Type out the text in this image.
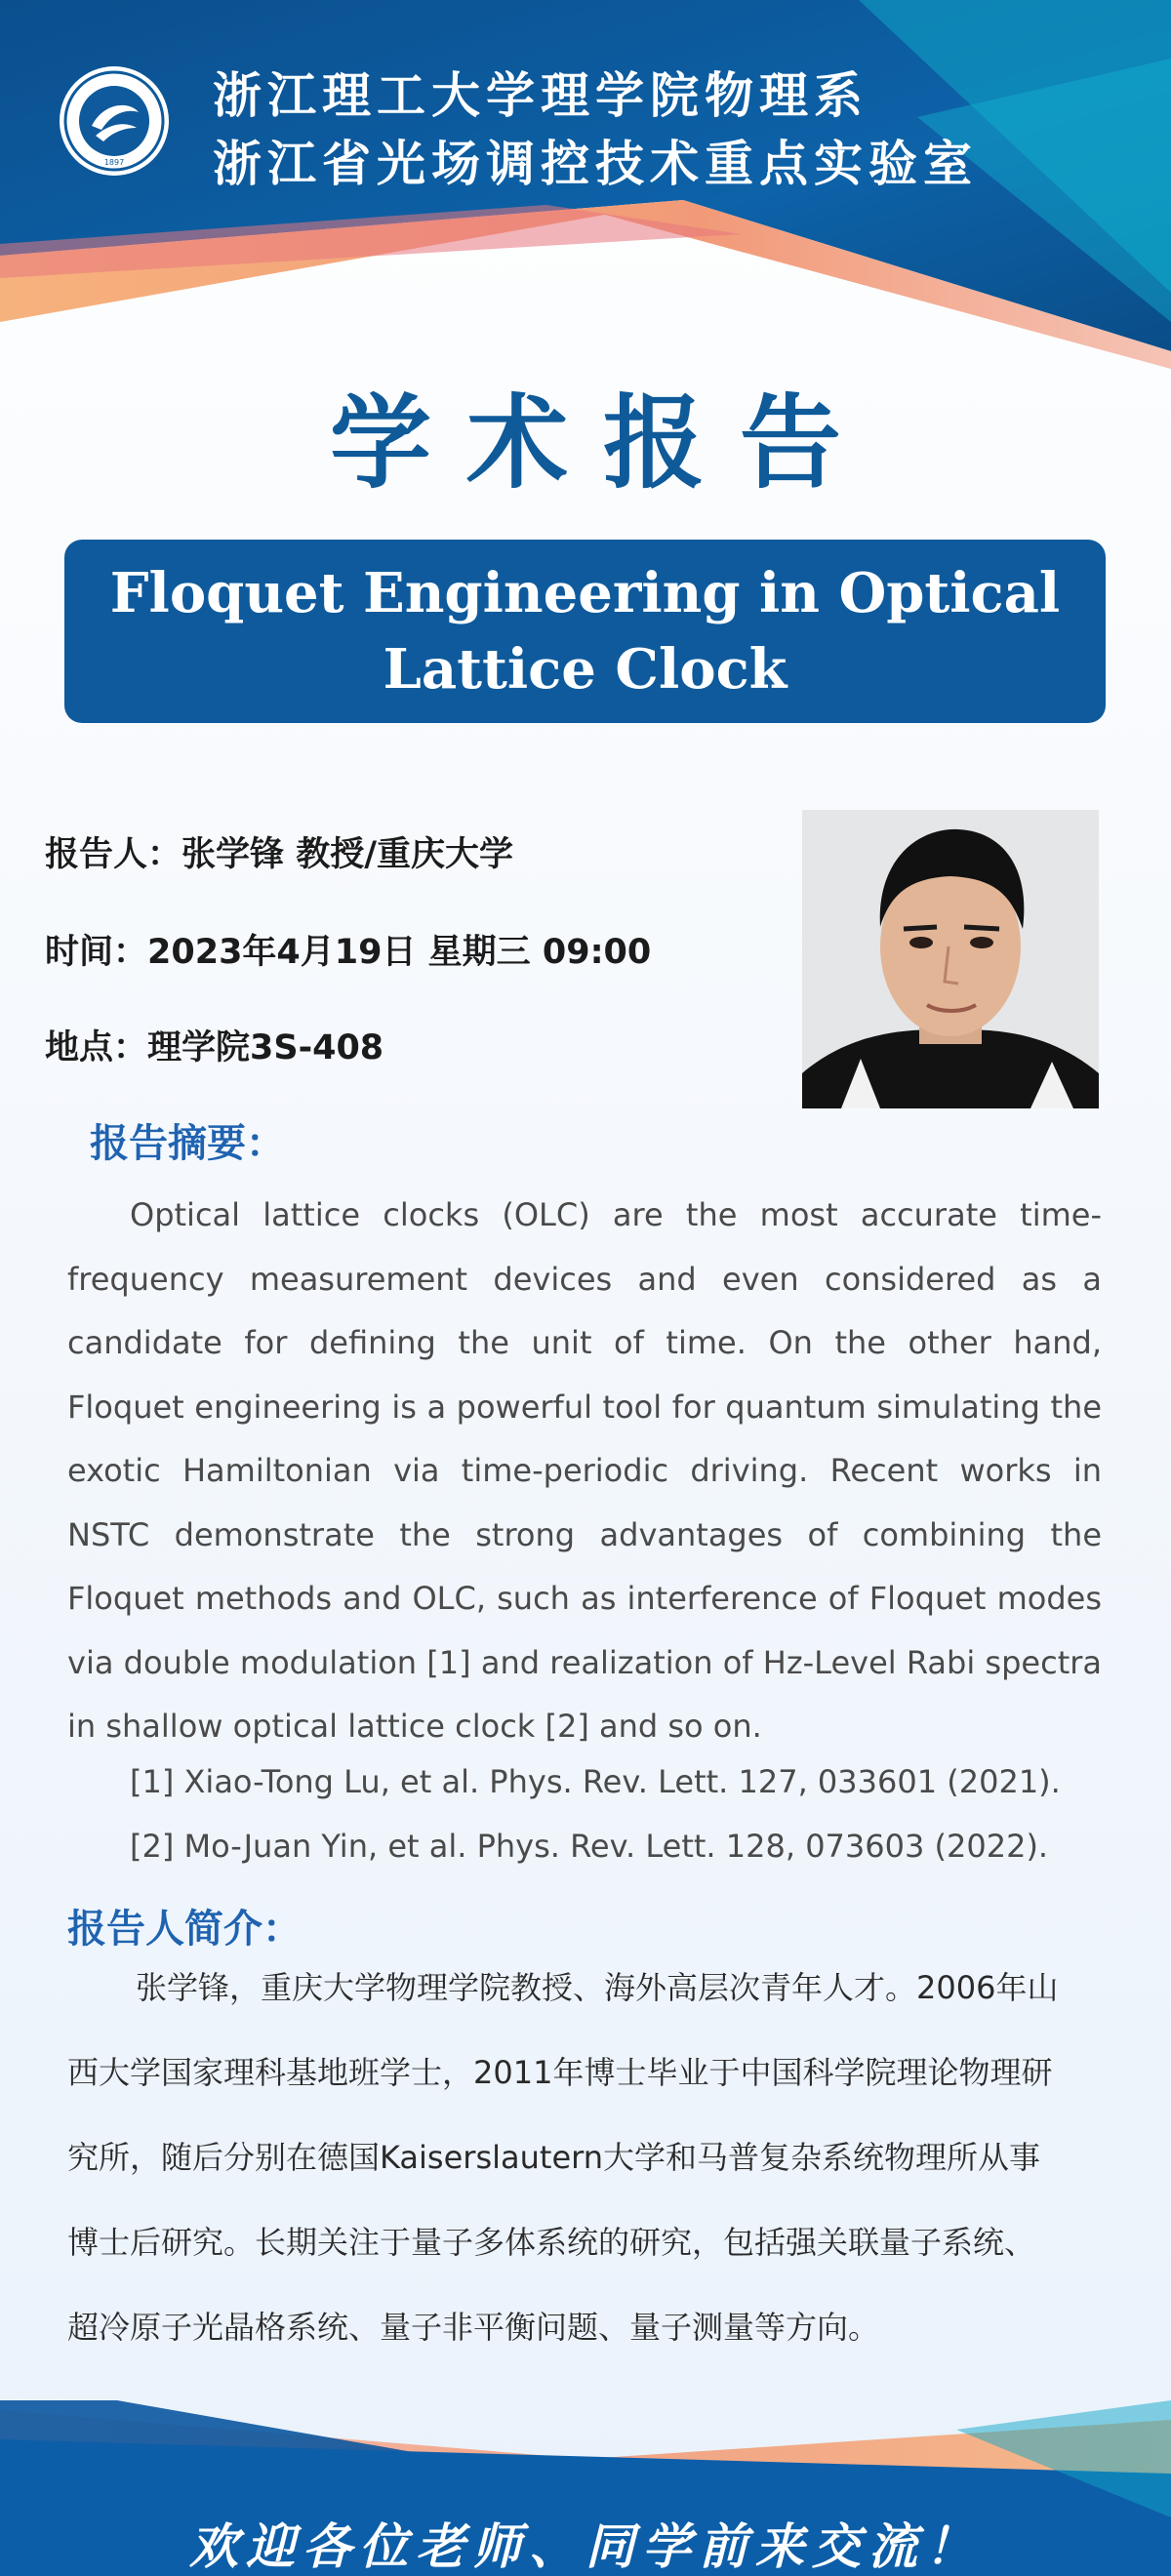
1897
浙江理工大学理学院物理系
浙江省光场调控技术重点实验室
学术报告
Floquet Engineering in Optical Lattice Clock
报告人：张学锋 教授/重庆大学
时间：2023年4月19日 星期三 09:00
地点：理学院3S-408
报告摘要：
Optical lattice clocks (OLC) are the most accurate time-frequency measurement devices and even considered as a candidate for defining the unit of time. On the other hand, Floquet engineering is a powerful tool for quantum simulating the exotic Hamiltonian via time-periodic driving. Recent works in NSTC demonstrate the strong advantages of combining the Floquet methods and OLC, such as interference of Floquet modes via double modulation [1] and realization of Hz-Level Rabi spectra in shallow optical lattice clock [2] and so on.
[1] Xiao-Tong Lu, et al. Phys. Rev. Lett. 127, 033601 (2021).
[2] Mo-Juan Yin, et al. Phys. Rev. Lett. 128, 073603 (2022).
报告人简介：
张学锋，重庆大学物理学院教授、海外高层次青年人才。2006年山
西大学国家理科基地班学士，2011年博士毕业于中国科学院理论物理研
究所，随后分别在德国Kaiserslautern大学和马普复杂系统物理所从事
博士后研究。长期关注于量子多体系统的研究，包括强关联量子系统、
超冷原子光晶格系统、量子非平衡问题、量子测量等方向。
欢迎各位老师、同学前来交流！
